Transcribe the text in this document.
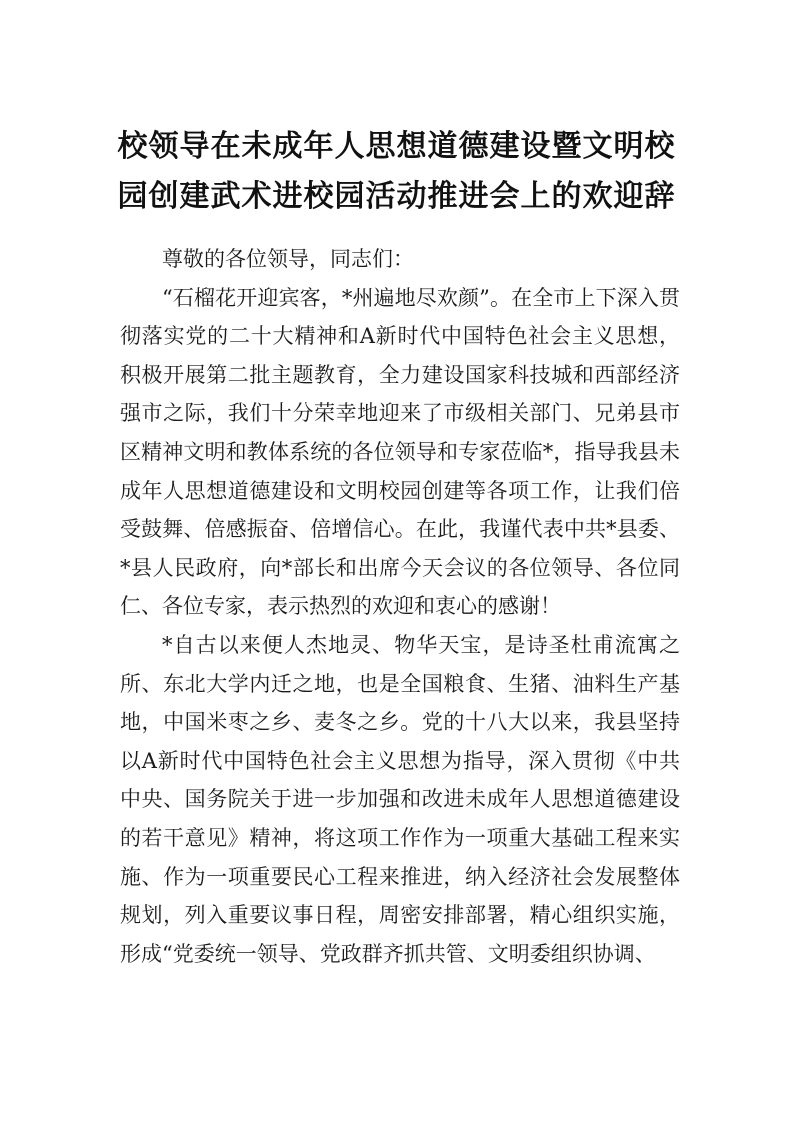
校领导在未成年人思想道德建设暨文明校
园创建武术进校园活动推进会上的欢迎辞

尊敬的各位领导，同志们：

“石榴花开迎宾客，*州遍地尽欢颜”。在全市上下深入贯彻落实党的二十大精神和A新时代中国特色社会主义思想，积极开展第二批主题教育，全力建设国家科技城和西部经济强市之际，我们十分荣幸地迎来了市级相关部门、兄弟县市区精神文明和教体系统的各位领导和专家莅临*，指导我县未成年人思想道德建设和文明校园创建等各项工作，让我们倍受鼓舞、倍感振奋、倍增信心。在此，我谨代表中共*县委、*县人民政府，向*部长和出席今天会议的各位领导、各位同仁、各位专家，表示热烈的欢迎和衷心的感谢！

*自古以来便人杰地灵、物华天宝，是诗圣杜甫流寓之所、东北大学内迁之地，也是全国粮食、生猪、油料生产基地，中国米枣之乡、麦冬之乡。党的十八大以来，我县坚持以A新时代中国特色社会主义思想为指导，深入贯彻《中共中央、国务院关于进一步加强和改进未成年人思想道德建设的若干意见》精神，将这项工作作为一项重大基础工程来实施、作为一项重要民心工程来推进，纳入经济社会发展整体规划，列入重要议事日程，周密安排部署，精心组织实施，形成“党委统一领导、党政群齐抓共管、文明委组织协调、
